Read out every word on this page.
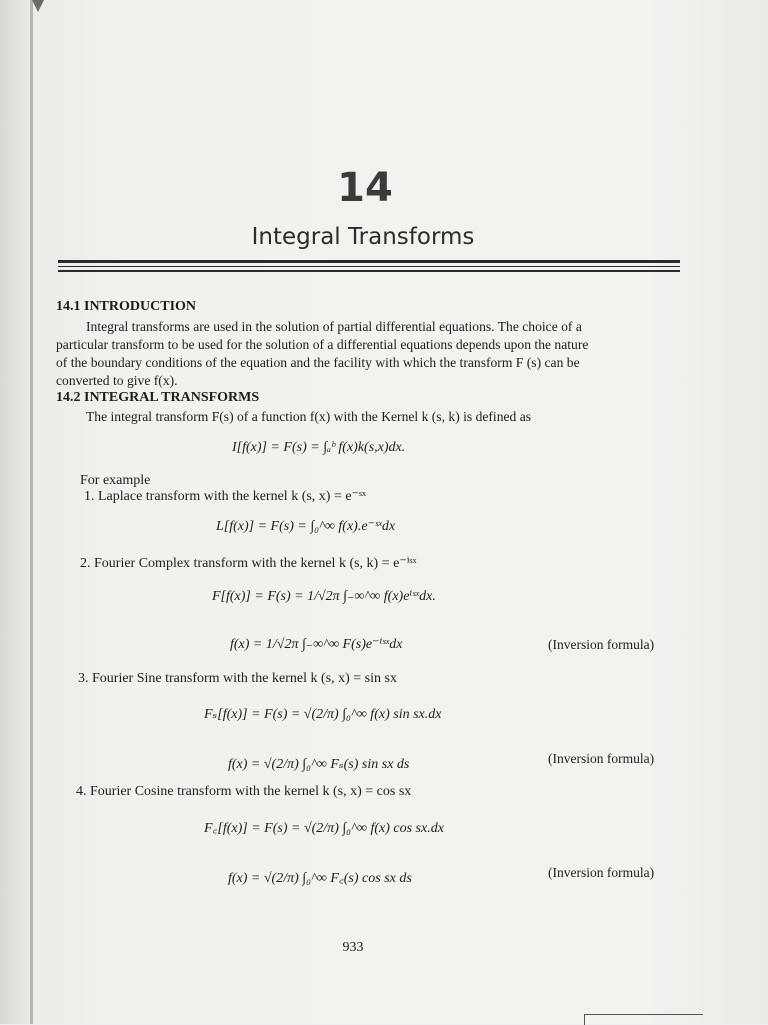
14
Integral Transforms
14.1 INTRODUCTION
Integral transforms are used in the solution of partial differential equations. The choice of a
particular transform to be used for the solution of a differential equations depends upon the nature
of the boundary conditions of the equation and the facility with which the transform F (s) can be
converted to give f(x).
14.2 INTEGRAL TRANSFORMS
The integral transform F(s) of a function f(x) with the Kernel k (s, k) is defined as
I[f(x)] = F(s) = ∫ₐᵇ f(x)k(s,x)dx.
For example
1. Laplace transform with the kernel k (s, x) = e⁻ˢˣ
L[f(x)] = F(s) = ∫₀^∞ f(x).e⁻ˢˣdx
2. Fourier Complex transform with the kernel k (s, k) = e⁻ⁱˢˣ
F[f(x)] = F(s) = 1/√2π ∫₋∞^∞ f(x)eⁱˢˣdx.
f(x) = 1/√2π ∫₋∞^∞ F(s)e⁻ⁱˢˣdx	(Inversion formula)
3. Fourier Sine transform with the kernel k (s, x) = sin sx
Fₛ[f(x)] = F(s) = √(2/π) ∫₀^∞ f(x) sin sx.dx
f(x) = √(2/π) ∫₀^∞ Fₛ(s) sin sx ds	(Inversion formula)
4. Fourier Cosine transform with the kernel k (s, x) = cos sx
F꜀[f(x)] = F(s) = √(2/π) ∫₀^∞ f(x) cos sx.dx
f(x) = √(2/π) ∫₀^∞ F꜀(s) cos sx ds	(Inversion formula)
933
